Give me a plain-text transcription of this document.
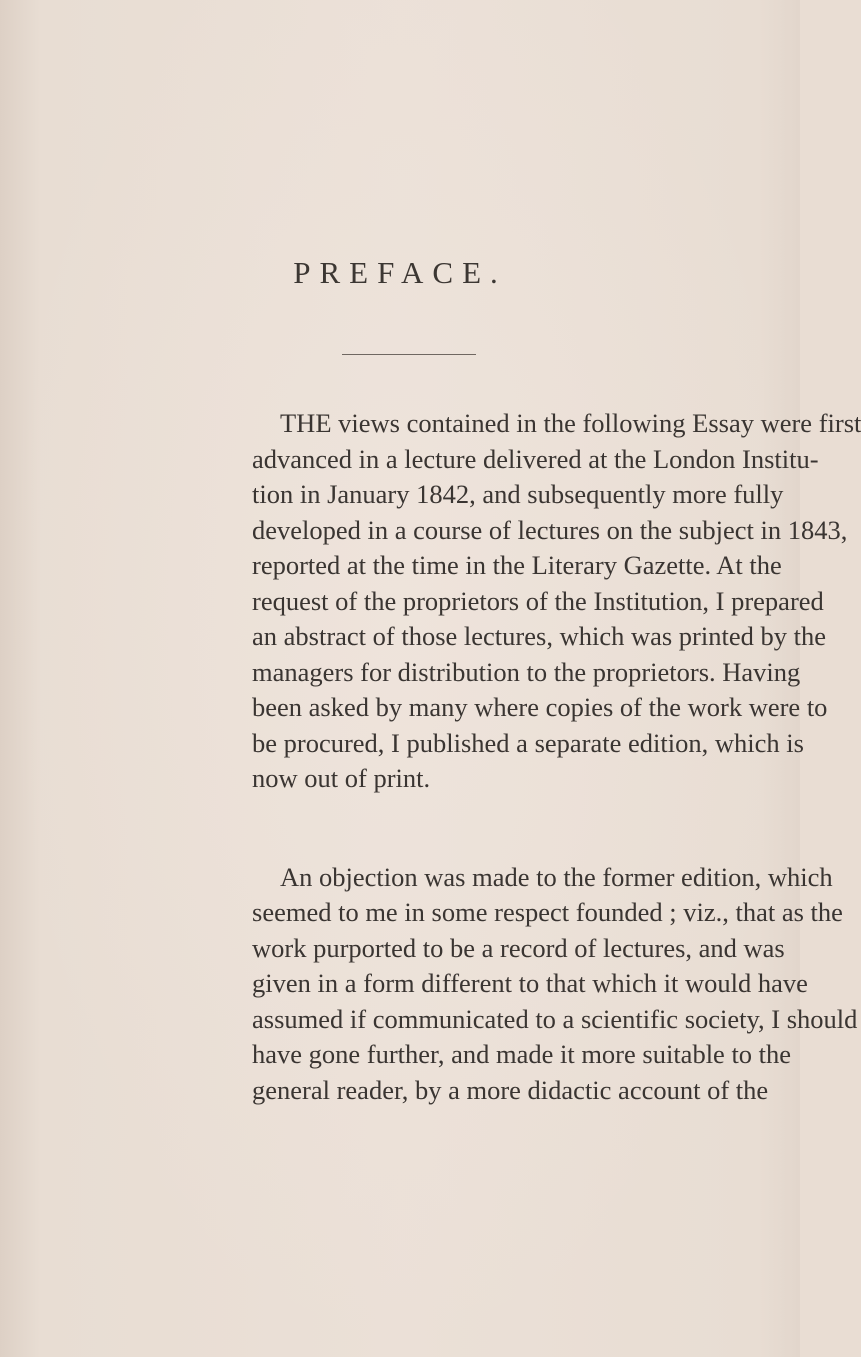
PREFACE.
THE views contained in the following Essay were first
advanced in a lecture delivered at the London Institu-
tion in January 1842, and subsequently more fully
developed in a course of lectures on the subject in 1843,
reported at the time in the Literary Gazette. At the
request of the proprietors of the Institution, I prepared
an abstract of those lectures, which was printed by the
managers for distribution to the proprietors. Having
been asked by many where copies of the work were to
be procured, I published a separate edition, which is
now out of print.
An objection was made to the former edition, which
seemed to me in some respect founded ; viz., that as the
work purported to be a record of lectures, and was
given in a form different to that which it would have
assumed if communicated to a scientific society, I should
have gone further, and made it more suitable to the
general reader, by a more didactic account of the
